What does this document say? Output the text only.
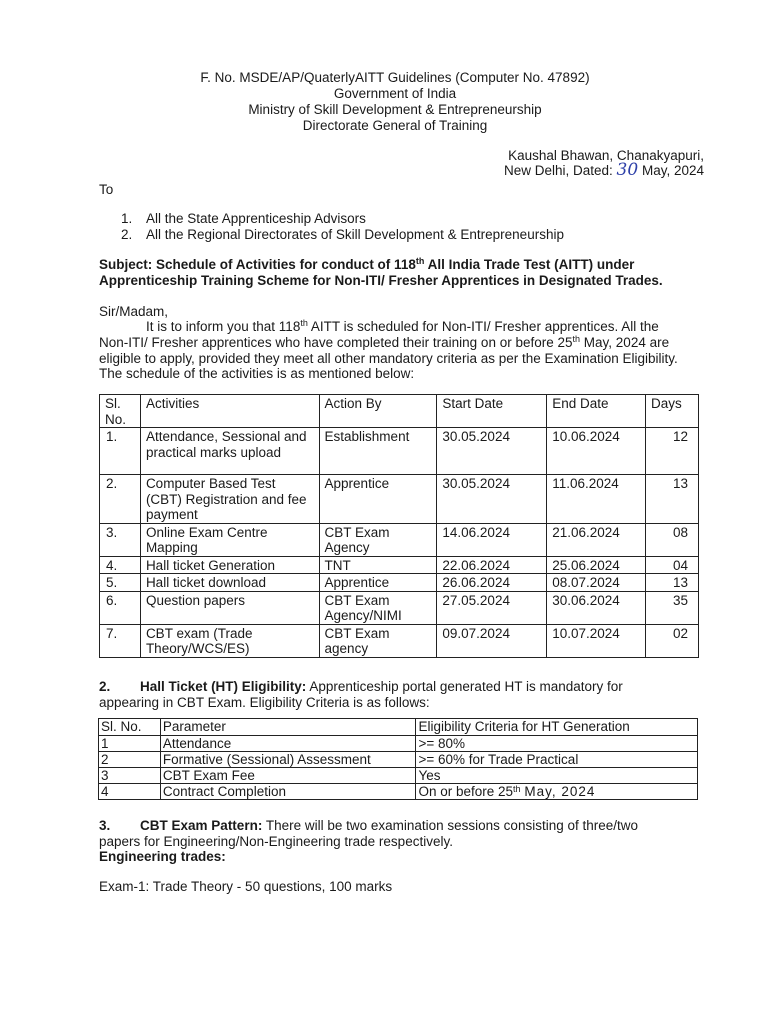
F. No. MSDE/AP/QuaterlyAITT Guidelines (Computer No. 47892)
Government of India
Ministry of Skill Development & Entrepreneurship
Directorate General of Training
Kaushal Bhawan, Chanakyapuri,
New Delhi, Dated: 30 May, 2024
To
1. All the State Apprenticeship Advisors
2. All the Regional Directorates of Skill Development & Entrepreneurship
Subject: Schedule of Activities for conduct of 118th All India Trade Test (AITT) under
Apprenticeship Training Scheme for Non-ITI/ Fresher Apprentices in Designated Trades.
Sir/Madam,
It is to inform you that 118th AITT is scheduled for Non-ITI/ Fresher apprentices. All the
Non-ITI/ Fresher apprentices who have completed their training on or before 25th May, 2024 are
eligible to apply, provided they meet all other mandatory criteria as per the Examination Eligibility.
The schedule of the activities is as mentioned below:
Sl. No.	Activities	Action By	Start Date	End Date	Days
1.	Attendance, Sessional and practical marks upload	Establishment	30.05.2024	10.06.2024	12
2.	Computer Based Test (CBT) Registration and fee payment	Apprentice	30.05.2024	11.06.2024	13
3.	Online Exam Centre Mapping	CBT Exam Agency	14.06.2024	21.06.2024	08
4.	Hall ticket Generation	TNT	22.06.2024	25.06.2024	04
5.	Hall ticket download	Apprentice	26.06.2024	08.07.2024	13
6.	Question papers	CBT Exam Agency/NIMI	27.05.2024	30.06.2024	35
7.	CBT exam (Trade Theory/WCS/ES)	CBT Exam agency	09.07.2024	10.07.2024	02
2. Hall Ticket (HT) Eligibility: Apprenticeship portal generated HT is mandatory for
appearing in CBT Exam. Eligibility Criteria is as follows:
Sl. No.	Parameter	Eligibility Criteria for HT Generation
1	Attendance	>= 80%
2	Formative (Sessional) Assessment	>= 60% for Trade Practical
3	CBT Exam Fee	Yes
4	Contract Completion	On or before 25th May, 2024
3. CBT Exam Pattern: There will be two examination sessions consisting of three/two
papers for Engineering/Non-Engineering trade respectively.
Engineering trades:
Exam-1: Trade Theory - 50 questions, 100 marks
